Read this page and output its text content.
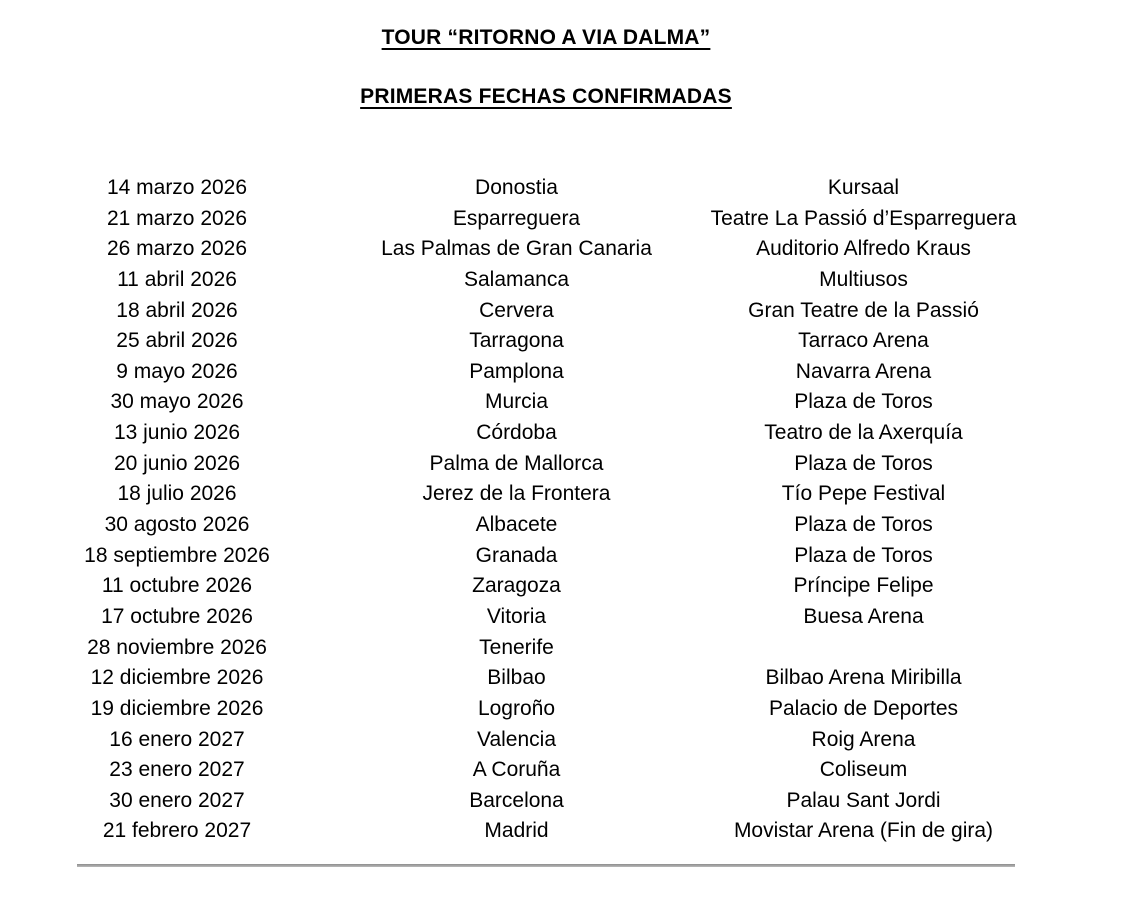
TOUR “RITORNO A VIA DALMA”
PRIMERAS FECHAS CONFIRMADAS
14 marzo 2026	Donostia	Kursaal
21 marzo 2026	Esparreguera	Teatre La Passió d’Esparreguera
26 marzo 2026	Las Palmas de Gran Canaria	Auditorio Alfredo Kraus
11 abril 2026	Salamanca	Multiusos
18 abril 2026	Cervera	Gran Teatre de la Passió
25 abril 2026	Tarragona	Tarraco Arena
9 mayo 2026	Pamplona	Navarra Arena
30 mayo 2026	Murcia	Plaza de Toros
13 junio 2026	Córdoba	Teatro de la Axerquía
20 junio 2026	Palma de Mallorca	Plaza de Toros
18 julio 2026	Jerez de la Frontera	Tío Pepe Festival
30 agosto 2026	Albacete	Plaza de Toros
18 septiembre 2026	Granada	Plaza de Toros
11 octubre 2026	Zaragoza	Príncipe Felipe
17 octubre 2026	Vitoria	Buesa Arena
28 noviembre 2026	Tenerife
12 diciembre 2026	Bilbao	Bilbao Arena Miribilla
19 diciembre 2026	Logroño	Palacio de Deportes
16 enero 2027	Valencia	Roig Arena
23 enero 2027	A Coruña	Coliseum
30 enero 2027	Barcelona	Palau Sant Jordi
21 febrero 2027	Madrid	Movistar Arena (Fin de gira)
